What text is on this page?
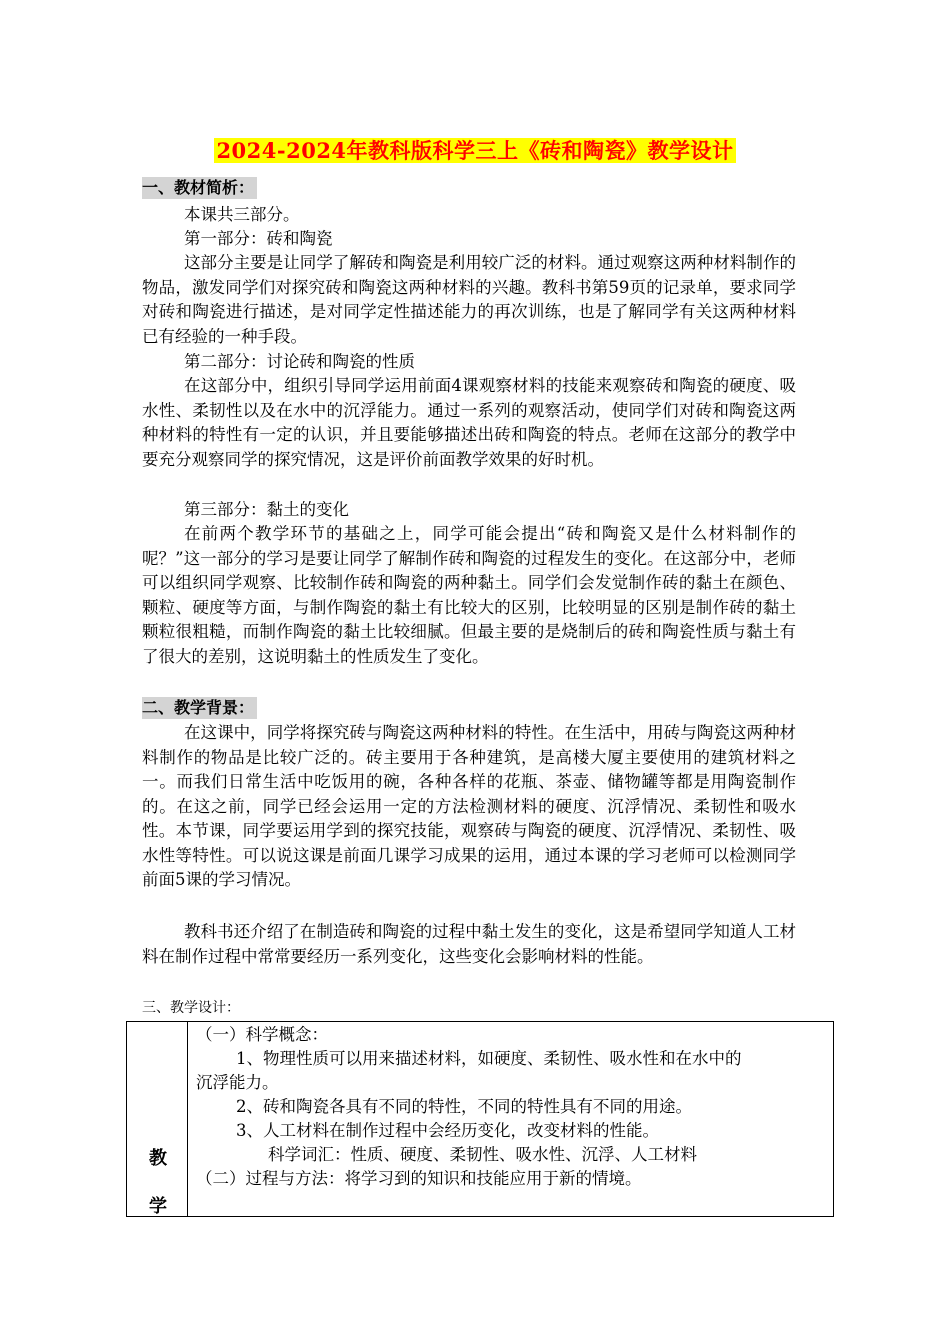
2024-2024年教科版科学三上《砖和陶瓷》教学设计
一、教材简析：
本课共三部分。
第一部分：砖和陶瓷

这部分主要是让同学了解砖和陶瓷是利用较广泛的材料。通过观察这两种材料制作的物品，激发同学们对探究砖和陶瓷这两种材料的兴趣。教科书第59页的记录单，要求同学对砖和陶瓷进行描述，是对同学定性描述能力的再次训练，也是了解同学有关这两种材料已有经验的一种手段。

第二部分：讨论砖和陶瓷的性质

在这部分中，组织引导同学运用前面4课观察材料的技能来观察砖和陶瓷的硬度、吸水性、柔韧性以及在水中的沉浮能力。通过一系列的观察活动，使同学们对砖和陶瓷这两种材料的特性有一定的认识，并且要能够描述出砖和陶瓷的特点。老师在这部分的教学中要充分观察同学的探究情况，这是评价前面教学效果的好时机。

第三部分：黏土的变化

在前两个教学环节的基础之上，同学可能会提出“砖和陶瓷又是什么材料制作的呢？”这一部分的学习是要让同学了解制作砖和陶瓷的过程发生的变化。在这部分中，老师可以组织同学观察、比较制作砖和陶瓷的两种黏土。同学们会发觉制作砖的黏土在颜色、颗粒、硬度等方面，与制作陶瓷的黏土有比较大的区别，比较明显的区别是制作砖的黏土颗粒很粗糙，而制作陶瓷的黏土比较细腻。但最主要的是烧制后的砖和陶瓷性质与黏土有了很大的差别，这说明黏土的性质发生了变化。

二、教学背景：

在这课中，同学将探究砖与陶瓷这两种材料的特性。在生活中，用砖与陶瓷这两种材料制作的物品是比较广泛的。砖主要用于各种建筑，是高楼大厦主要使用的建筑材料之一。而我们日常生活中吃饭用的碗，各种各样的花瓶、茶壶、储物罐等都是用陶瓷制作的。在这之前，同学已经会运用一定的方法检测材料的硬度、沉浮情况、柔韧性和吸水性。本节课，同学要运用学到的探究技能，观察砖与陶瓷的硬度、沉浮情况、柔韧性、吸水性等特性。可以说这课是前面几课学习成果的运用，通过本课的学习老师可以检测同学前面5课的学习情况。

教科书还介绍了在制造砖和陶瓷的过程中黏土发生的变化，这是希望同学知道人工材料在制作过程中常常要经历一系列变化，这些变化会影响材料的性能。

三、教学设计：
教
学

（一）科学概念：
1、物理性质可以用来描述材料，如硬度、柔韧性、吸水性和在水中的
沉浮能力。
2、砖和陶瓷各具有不同的特性，不同的特性具有不同的用途。
3、人工材料在制作过程中会经历变化，改变材料的性能。
科学词汇：性质、硬度、柔韧性、吸水性、沉浮、人工材料
（二）过程与方法：将学习到的知识和技能应用于新的情境。
